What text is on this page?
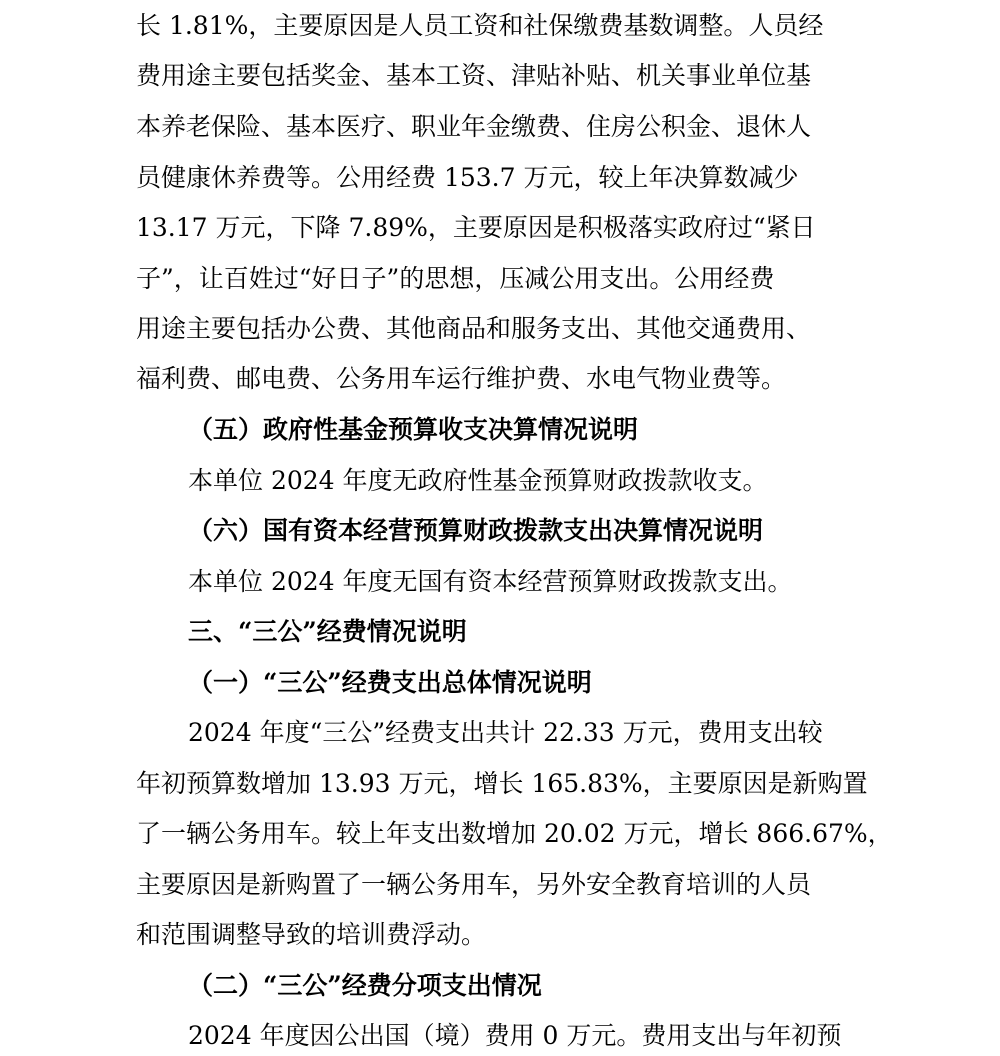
长 1.81%，主要原因是人员工资和社保缴费基数调整。人员经
费用途主要包括奖金、基本工资、津贴补贴、机关事业单位基
本养老保险、基本医疗、职业年金缴费、住房公积金、退休人
员健康休养费等。公用经费 153.7 万元，较上年决算数减少
13.17 万元，下降 7.89%，主要原因是积极落实政府过“紧日
子”，让百姓过“好日子”的思想，压减公用支出。公用经费
用途主要包括办公费、其他商品和服务支出、其他交通费用、
福利费、邮电费、公务用车运行维护费、水电气物业费等。
（五）政府性基金预算收支决算情况说明
本单位 2024 年度无政府性基金预算财政拨款收支。
（六）国有资本经营预算财政拨款支出决算情况说明
本单位 2024 年度无国有资本经营预算财政拨款支出。
三、“三公”经费情况说明
（一）“三公”经费支出总体情况说明
2024 年度“三公”经费支出共计 22.33 万元，费用支出较
年初预算数增加 13.93 万元，增长 165.83%，主要原因是新购置
了一辆公务用车。较上年支出数增加 20.02 万元，增长 866.67%，
主要原因是新购置了一辆公务用车，另外安全教育培训的人员
和范围调整导致的培训费浮动。
（二）“三公”经费分项支出情况
2024 年度因公出国（境）费用 0 万元。费用支出与年初预
